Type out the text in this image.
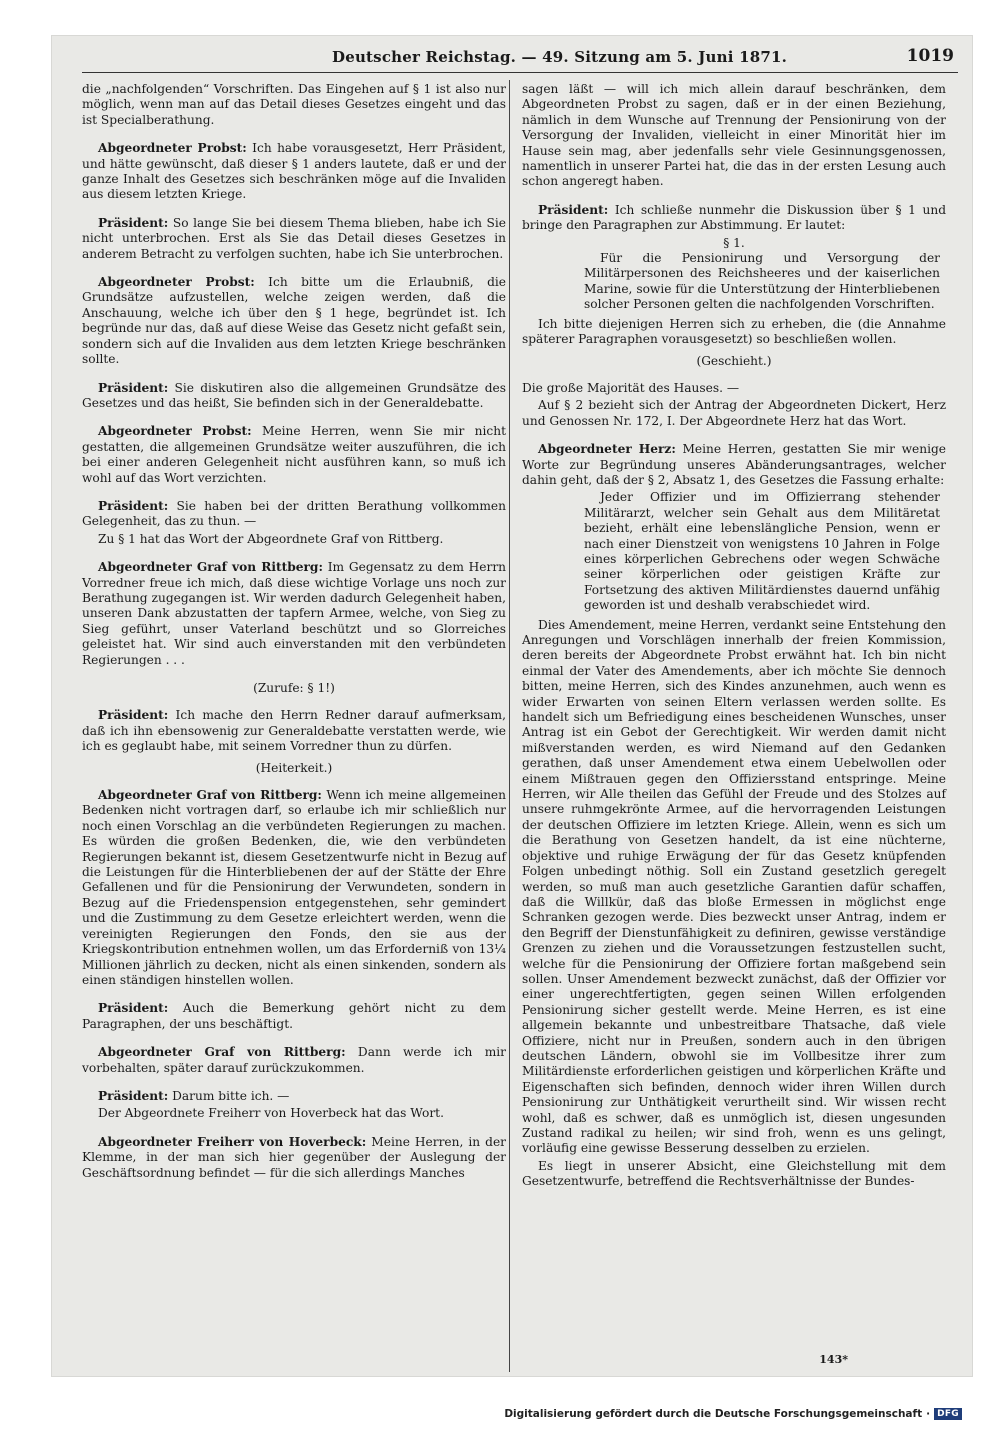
Deutscher Reichstag. — 49. Sitzung am 5. Juni 1871.	1019

die „nachfolgenden“ Vorschriften. Das Eingehen auf § 1 ist also nur möglich, wenn man auf das Detail dieses Gesetzes eingeht und das ist Specialberathung.

Abgeordneter Probst: Ich habe vorausgesetzt, Herr Präsident, und hätte gewünscht, daß dieser § 1 anders lautete, daß er und der ganze Inhalt des Gesetzes sich beschränken möge auf die Invaliden aus diesem letzten Kriege.

Präsident: So lange Sie bei diesem Thema blieben, habe ich Sie nicht unterbrochen. Erst als Sie das Detail dieses Gesetzes in anderem Betracht zu verfolgen suchten, habe ich Sie unterbrochen.

Abgeordneter Probst: Ich bitte um die Erlaubniß, die Grundsätze aufzustellen, welche zeigen werden, daß die Anschauung, welche ich über den § 1 hege, begründet ist. Ich begründe nur das, daß auf diese Weise das Gesetz nicht gefaßt sein, sondern sich auf die Invaliden aus dem letzten Kriege beschränken sollte.

Präsident: Sie diskutiren also die allgemeinen Grundsätze des Gesetzes und das heißt, Sie befinden sich in der Generaldebatte.

Abgeordneter Probst: Meine Herren, wenn Sie mir nicht gestatten, die allgemeinen Grundsätze weiter auszuführen, die ich bei einer anderen Gelegenheit nicht ausführen kann, so muß ich wohl auf das Wort verzichten.

Präsident: Sie haben bei der dritten Berathung vollkommen Gelegenheit, das zu thun. —

Zu § 1 hat das Wort der Abgeordnete Graf von Rittberg.

Abgeordneter Graf von Rittberg: Im Gegensatz zu dem Herrn Vorredner freue ich mich, daß diese wichtige Vorlage uns noch zur Berathung zugegangen ist. Wir werden dadurch Gelegenheit haben, unseren Dank abzustatten der tapfern Armee, welche, von Sieg zu Sieg geführt, unser Vaterland beschützt und so Glorreiches geleistet hat. Wir sind auch einverstanden mit den verbündeten Regierungen . . .

(Zurufe: § 1!)

Präsident: Ich mache den Herrn Redner darauf aufmerksam, daß ich ihn ebensowenig zur Generaldebatte verstatten werde, wie ich es geglaubt habe, mit seinem Vorredner thun zu dürfen.

(Heiterkeit.)

Abgeordneter Graf von Rittberg: Wenn ich meine allgemeinen Bedenken nicht vortragen darf, so erlaube ich mir schließlich nur noch einen Vorschlag an die verbündeten Regierungen zu machen. Es würden die großen Bedenken, die, wie den verbündeten Regierungen bekannt ist, diesem Gesetzentwurfe nicht in Bezug auf die Leistungen für die Hinterbliebenen der auf der Stätte der Ehre Gefallenen und für die Pensionirung der Verwundeten, sondern in Bezug auf die Friedenspension entgegenstehen, sehr gemindert und die Zustimmung zu dem Gesetze erleichtert werden, wenn die vereinigten Regierungen den Fonds, den sie aus der Kriegskontribution entnehmen wollen, um das Erforderniß von 13¼ Millionen jährlich zu decken, nicht als einen sinkenden, sondern als einen ständigen hinstellen wollen.

Präsident: Auch die Bemerkung gehört nicht zu dem Paragraphen, der uns beschäftigt.

Abgeordneter Graf von Rittberg: Dann werde ich mir vorbehalten, später darauf zurückzukommen.

Präsident: Darum bitte ich. —

Der Abgeordnete Freiherr von Hoverbeck hat das Wort.

Abgeordneter Freiherr von Hoverbeck: Meine Herren, in der Klemme, in der man sich hier gegenüber der Auslegung der Geschäftsordnung befindet — für die sich allerdings Manches

sagen läßt — will ich mich allein darauf beschränken, dem Abgeordneten Probst zu sagen, daß er in der einen Beziehung, nämlich in dem Wunsche auf Trennung der Pensionirung von der Versorgung der Invaliden, vielleicht in einer Minorität hier im Hause sein mag, aber jedenfalls sehr viele Gesinnungsgenossen, namentlich in unserer Partei hat, die das in der ersten Lesung auch schon angeregt haben.

Präsident: Ich schließe nunmehr die Diskussion über § 1 und bringe den Paragraphen zur Abstimmung. Er lautet:

§ 1.

Für die Pensionirung und Versorgung der Militärpersonen des Reichsheeres und der kaiserlichen Marine, sowie für die Unterstützung der Hinterbliebenen solcher Personen gelten die nachfolgenden Vorschriften.

Ich bitte diejenigen Herren sich zu erheben, die (die Annahme späterer Paragraphen vorausgesetzt) so beschließen wollen.

(Geschieht.)

Die große Majorität des Hauses. —

Auf § 2 bezieht sich der Antrag der Abgeordneten Dickert, Herz und Genossen Nr. 172, I. Der Abgeordnete Herz hat das Wort.

Abgeordneter Herz: Meine Herren, gestatten Sie mir wenige Worte zur Begründung unseres Abänderungsantrages, welcher dahin geht, daß der § 2, Absatz 1, des Gesetzes die Fassung erhalte:

Jeder Offizier und im Offizierrang stehender Militärarzt, welcher sein Gehalt aus dem Militäretat bezieht, erhält eine lebenslängliche Pension, wenn er nach einer Dienstzeit von wenigstens 10 Jahren in Folge eines körperlichen Gebrechens oder wegen Schwäche seiner körperlichen oder geistigen Kräfte zur Fortsetzung des aktiven Militärdienstes dauernd unfähig geworden ist und deshalb verabschiedet wird.

Dies Amendement, meine Herren, verdankt seine Entstehung den Anregungen und Vorschlägen innerhalb der freien Kommission, deren bereits der Abgeordnete Probst erwähnt hat. Ich bin nicht einmal der Vater des Amendements, aber ich möchte Sie dennoch bitten, meine Herren, sich des Kindes anzunehmen, auch wenn es wider Erwarten von seinen Eltern verlassen werden sollte. Es handelt sich um Befriedigung eines bescheidenen Wunsches, unser Antrag ist ein Gebot der Gerechtigkeit. Wir werden damit nicht mißverstanden werden, es wird Niemand auf den Gedanken gerathen, daß unser Amendement etwa einem Uebelwollen oder einem Mißtrauen gegen den Offiziersstand entspringe. Meine Herren, wir Alle theilen das Gefühl der Freude und des Stolzes auf unsere ruhmgekrönte Armee, auf die hervorragenden Leistungen der deutschen Offiziere im letzten Kriege. Allein, wenn es sich um die Berathung von Gesetzen handelt, da ist eine nüchterne, objektive und ruhige Erwägung der für das Gesetz knüpfenden Folgen unbedingt nöthig. Soll ein Zustand gesetzlich geregelt werden, so muß man auch gesetzliche Garantien dafür schaffen, daß die Willkür, daß das bloße Ermessen in möglichst enge Schranken gezogen werde. Dies bezweckt unser Antrag, indem er den Begriff der Dienstunfähigkeit zu definiren, gewisse verständige Grenzen zu ziehen und die Voraussetzungen festzustellen sucht, welche für die Pensionirung der Offiziere fortan maßgebend sein sollen. Unser Amendement bezweckt zunächst, daß der Offizier vor einer ungerechtfertigten, gegen seinen Willen erfolgenden Pensionirung sicher gestellt werde. Meine Herren, es ist eine allgemein bekannte und unbestreitbare Thatsache, daß viele Offiziere, nicht nur in Preußen, sondern auch in den übrigen deutschen Ländern, obwohl sie im Vollbesitze ihrer zum Militärdienste erforderlichen geistigen und körperlichen Kräfte und Eigenschaften sich befinden, dennoch wider ihren Willen durch Pensionirung zur Unthätigkeit verurtheilt sind. Wir wissen recht wohl, daß es schwer, daß es unmöglich ist, diesen ungesunden Zustand radikal zu heilen; wir sind froh, wenn es uns gelingt, vorläufig eine gewisse Besserung desselben zu erzielen.

Es liegt in unserer Absicht, eine Gleichstellung mit dem Gesetzentwurfe, betreffend die Rechtsverhältnisse der Bundes-

143*
Digitalisierung gefördert durch die Deutsche Forschungsgemeinschaft · DFG
